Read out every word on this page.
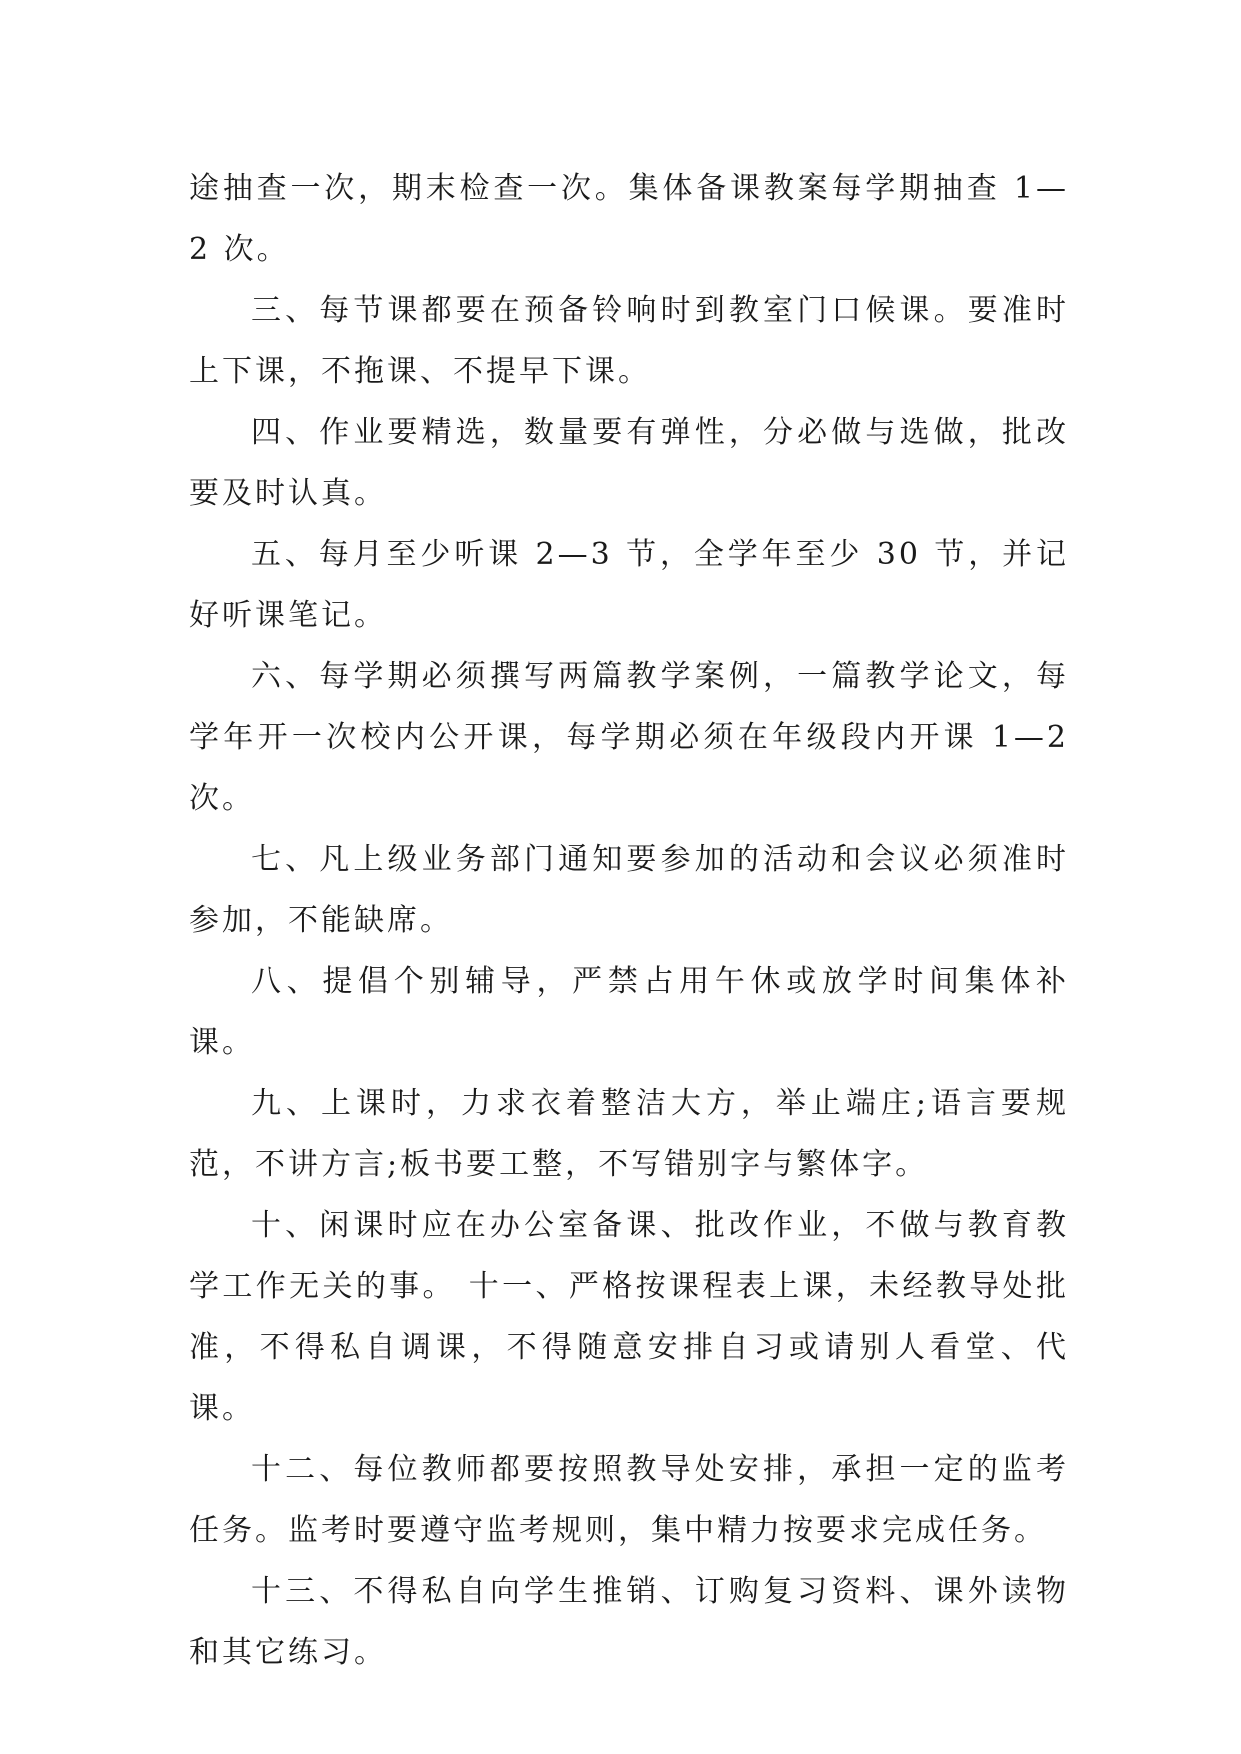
途抽查一次，期末检查一次。集体备课教案每学期抽查 1—2 次。

三、每节课都要在预备铃响时到教室门口候课。要准时上下课，不拖课、不提早下课。

四、作业要精选，数量要有弹性，分必做与选做，批改要及时认真。

五、每月至少听课 2—3 节，全学年至少 30 节，并记好听课笔记。

六、每学期必须撰写两篇教学案例，一篇教学论文，每学年开一次校内公开课，每学期必须在年级段内开课 1—2 次。

七、凡上级业务部门通知要参加的活动和会议必须准时参加，不能缺席。

八、提倡个别辅导，严禁占用午休或放学时间集体补课。

九、上课时，力求衣着整洁大方，举止端庄;语言要规范，不讲方言;板书要工整，不写错别字与繁体字。

十、闲课时应在办公室备课、批改作业，不做与教育教学工作无关的事。 十一、严格按课程表上课，未经教导处批准，不得私自调课，不得随意安排自习或请别人看堂、代课。

十二、每位教师都要按照教导处安排，承担一定的监考任务。监考时要遵守监考规则，集中精力按要求完成任务。

十三、不得私自向学生推销、订购复习资料、课外读物和其它练习。
